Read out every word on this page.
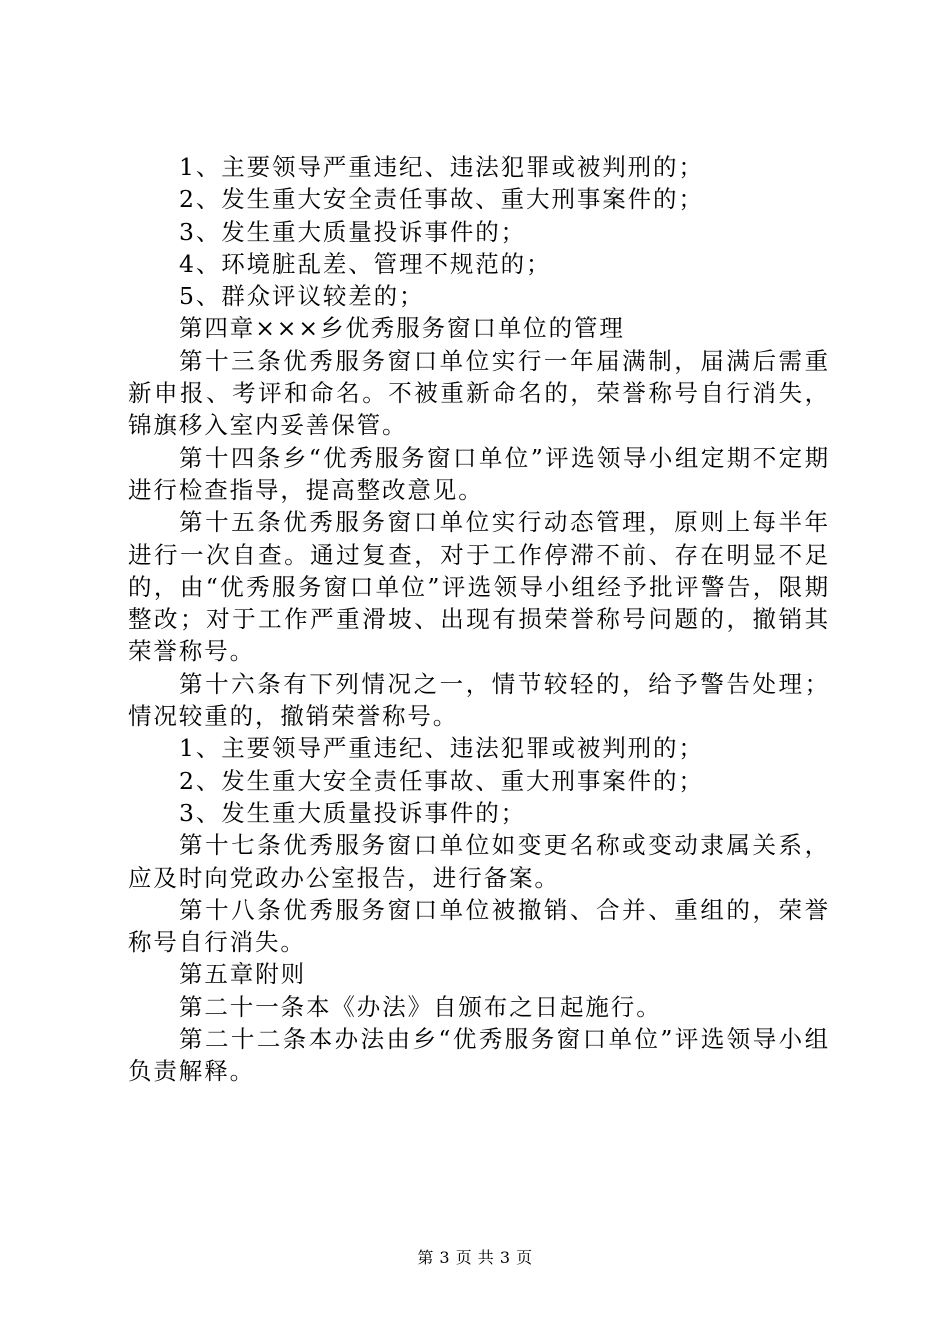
1、主要领导严重违纪、违法犯罪或被判刑的；

2、发生重大安全责任事故、重大刑事案件的；

3、发生重大质量投诉事件的；

4、环境脏乱差、管理不规范的；

5、群众评议较差的；

第四章×××乡优秀服务窗口单位的管理

第十三条优秀服务窗口单位实行一年届满制，届满后需重新申报、考评和命名。不被重新命名的，荣誉称号自行消失，锦旗移入室内妥善保管。

第十四条乡“优秀服务窗口单位”评选领导小组定期不定期进行检查指导，提高整改意见。

第十五条优秀服务窗口单位实行动态管理，原则上每半年进行一次自查。通过复查，对于工作停滞不前、存在明显不足的，由“优秀服务窗口单位”评选领导小组经予批评警告，限期整改；对于工作严重滑坡、出现有损荣誉称号问题的，撤销其荣誉称号。

第十六条有下列情况之一，情节较轻的，给予警告处理；情况较重的，撤销荣誉称号。

1、主要领导严重违纪、违法犯罪或被判刑的；

2、发生重大安全责任事故、重大刑事案件的；

3、发生重大质量投诉事件的；

第十七条优秀服务窗口单位如变更名称或变动隶属关系，应及时向党政办公室报告，进行备案。

第十八条优秀服务窗口单位被撤销、合并、重组的，荣誉称号自行消失。

第五章附则

第二十一条本《办法》自颁布之日起施行。

第二十二条本办法由乡“优秀服务窗口单位”评选领导小组负责解释。

第 3 页 共 3 页
